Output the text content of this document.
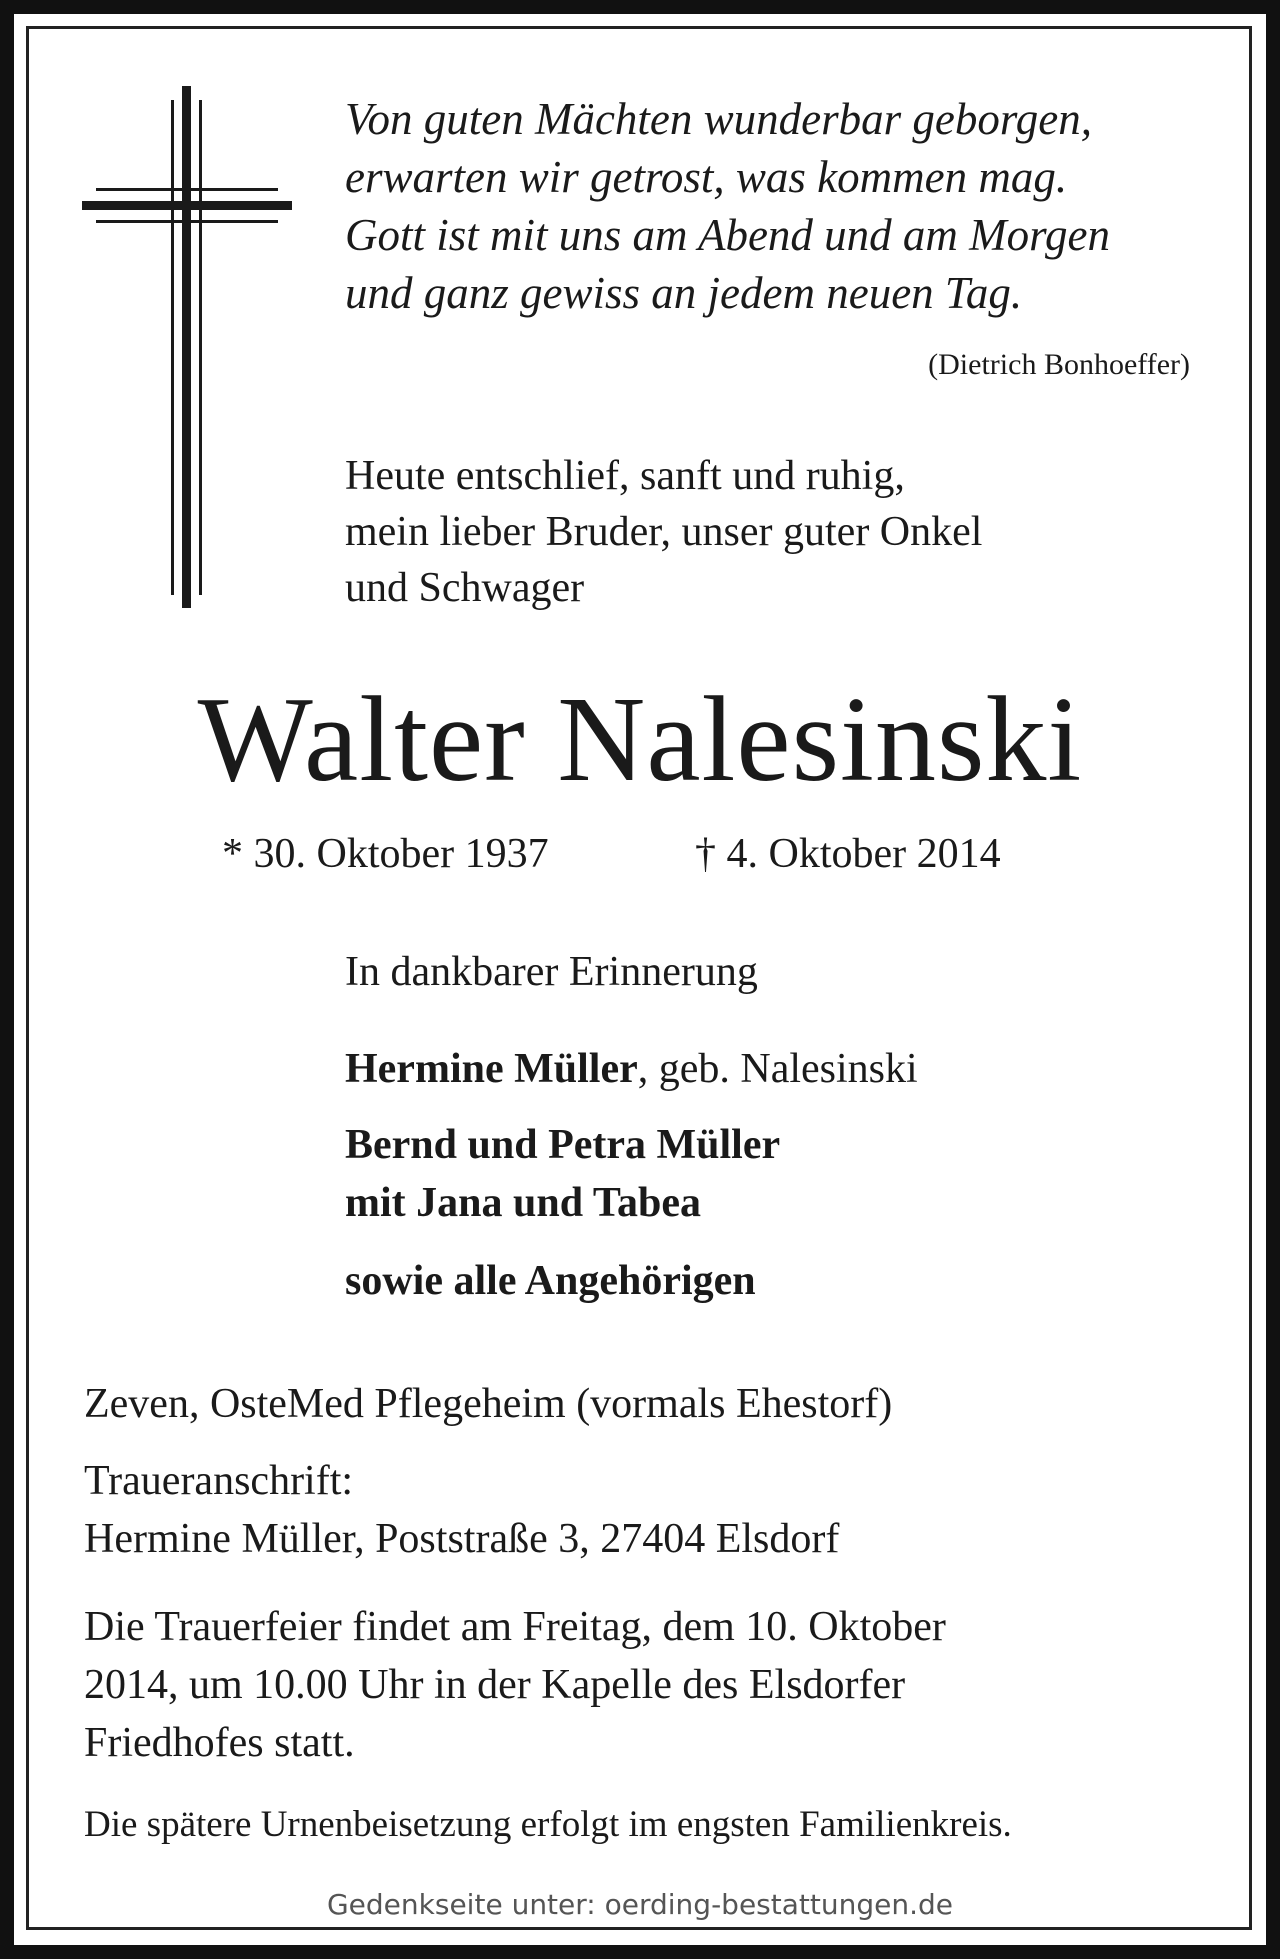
Von guten Mächten wunderbar geborgen,
erwarten wir getrost, was kommen mag.
Gott ist mit uns am Abend und am Morgen
und ganz gewiss an jedem neuen Tag.
(Dietrich Bonhoeffer)
Heute entschlief, sanft und ruhig,
mein lieber Bruder, unser guter Onkel
und Schwager
Walter Nalesinski
* 30. Oktober 1937	† 4. Oktober 2014
In dankbarer Erinnerung
Hermine Müller, geb. Nalesinski
Bernd und Petra Müller
mit Jana und Tabea
sowie alle Angehörigen
Zeven, OsteMed Pflegeheim (vormals Ehestorf)
Traueranschrift:
Hermine Müller, Poststraße 3, 27404 Elsdorf
Die Trauerfeier findet am Freitag, dem 10. Oktober
2014, um 10.00 Uhr in der Kapelle des Elsdorfer
Friedhofes statt.
Die spätere Urnenbeisetzung erfolgt im engsten Familienkreis.
Gedenkseite unter: oerding-bestattungen.de
